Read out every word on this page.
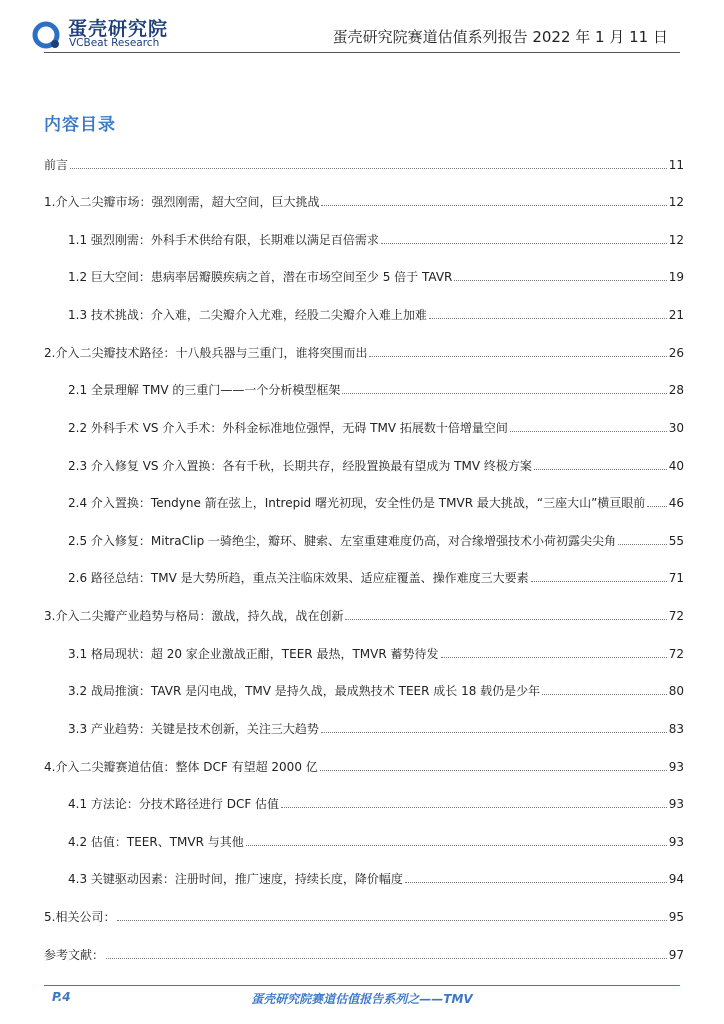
蛋壳研究院
VCBeat Research	蛋壳研究院赛道估值系列报告 2022 年 1 月 11 日
内容目录
前言	11
1.介入二尖瓣市场：强烈刚需，超大空间，巨大挑战	12
1.1 强烈刚需：外科手术供给有限，长期难以满足百倍需求	12
1.2 巨大空间：患病率居瓣膜疾病之首，潜在市场空间至少 5 倍于 TAVR	19
1.3 技术挑战：介入难，二尖瓣介入尤难，经股二尖瓣介入难上加难	21
2.介入二尖瓣技术路径：十八般兵器与三重门，谁将突围而出	26
2.1 全景理解 TMV 的三重门——一个分析模型框架	28
2.2 外科手术 VS 介入手术：外科金标准地位强悍，无碍 TMV 拓展数十倍增量空间	30
2.3 介入修复 VS 介入置换：各有千秋，长期共存，经股置换最有望成为 TMV 终极方案	40
2.4 介入置换：Tendyne 箭在弦上，Intrepid 曙光初现，安全性仍是 TMVR 最大挑战，“三座大山”横亘眼前 46
2.5 介入修复：MitraClip 一骑绝尘，瓣环、腱索、左室重建难度仍高，对合缘增强技术小荷初露尖尖角	55
2.6 路径总结：TMV 是大势所趋，重点关注临床效果、适应症覆盖、操作难度三大要素	71
3.介入二尖瓣产业趋势与格局：激战，持久战，战在创新	72
3.1 格局现状：超 20 家企业激战正酣，TEER 最热，TMVR 蓄势待发	72
3.2 战局推演：TAVR 是闪电战，TMV 是持久战，最成熟技术 TEER 成长 18 载仍是少年	80
3.3 产业趋势：关键是技术创新，关注三大趋势	83
4.介入二尖瓣赛道估值：整体 DCF 有望超 2000 亿	93
4.1 方法论：分技术路径进行 DCF 估值	93
4.2 估值：TEER、TMVR 与其他	93
4.3 关键驱动因素：注册时间，推广速度，持续长度，降价幅度	94
5.相关公司：	95
参考文献：	97
P.4	蛋壳研究院赛道估值报告系列之——TMV
